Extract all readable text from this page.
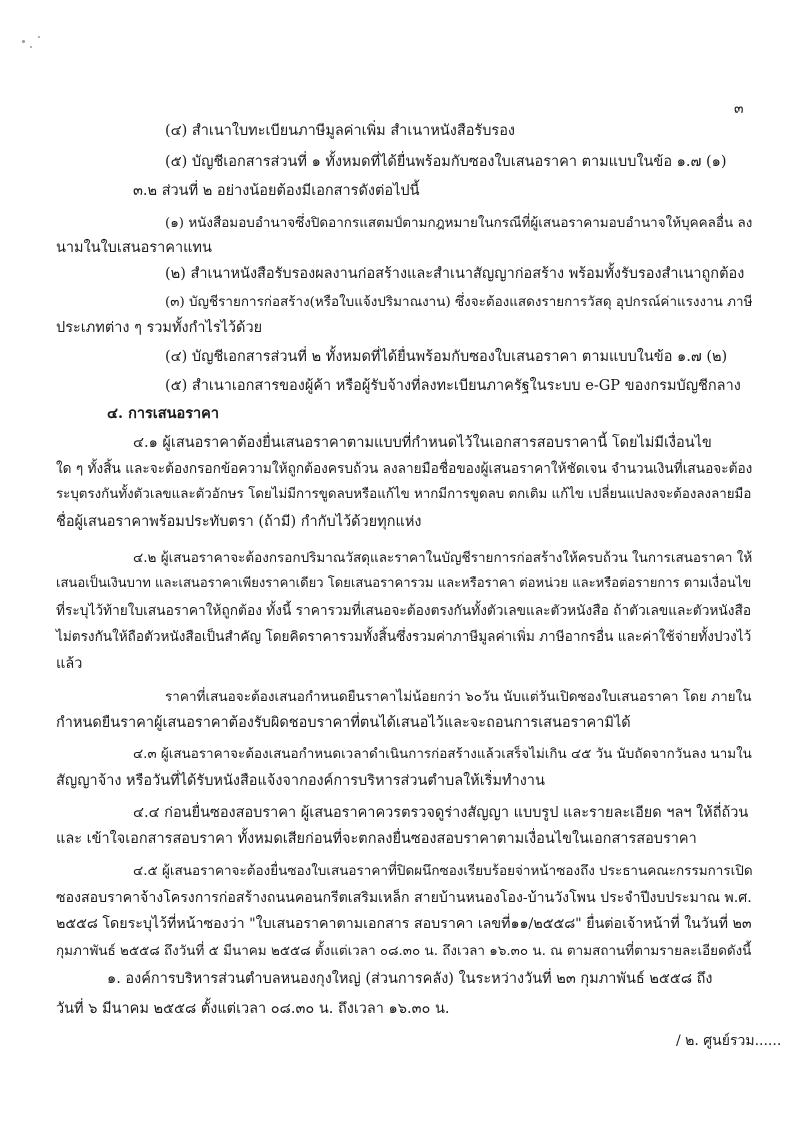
๓
(๔) สำเนาใบทะเบียนภาษีมูลค่าเพิ่ม สำเนาหนังสือรับรอง
(๕) บัญชีเอกสารส่วนที่ ๑ ทั้งหมดที่ได้ยื่นพร้อมกับซองใบเสนอราคา ตามแบบในข้อ ๑.๗ (๑)
๓.๒ ส่วนที่ ๒ อย่างน้อยต้องมีเอกสารดังต่อไปนี้
(๑) หนังสือมอบอำนาจซึ่งปิดอากรแสตมป์ตามกฎหมายในกรณีที่ผู้เสนอราคามอบอำนาจให้บุคคลอื่น ลง
นามในใบเสนอราคาแทน
(๒) สำเนาหนังสือรับรองผลงานก่อสร้างและสำเนาสัญญาก่อสร้าง พร้อมทั้งรับรองสำเนาถูกต้อง
(๓) บัญชีรายการก่อสร้าง(หรือใบแจ้งปริมาณงาน) ซึ่งจะต้องแสดงรายการวัสดุ อุปกรณ์ค่าแรงงาน ภาษี
ประเภทต่าง ๆ รวมทั้งกำไรไว้ด้วย
(๔) บัญชีเอกสารส่วนที่ ๒ ทั้งหมดที่ได้ยื่นพร้อมกับซองใบเสนอราคา ตามแบบในข้อ ๑.๗ (๒)
(๕) สำเนาเอกสารของผู้ค้า หรือผู้รับจ้างที่ลงทะเบียนภาครัฐในระบบ e-GP ของกรมบัญชีกลาง
๔. การเสนอราคา
๔.๑ ผู้เสนอราคาต้องยื่นเสนอราคาตามแบบที่กำหนดไว้ในเอกสารสอบราคานี้ โดยไม่มีเงื่อนไข
ใด ๆ ทั้งสิ้น และจะต้องกรอกข้อความให้ถูกต้องครบถ้วน ลงลายมือชื่อของผู้เสนอราคาให้ชัดเจน จำนวนเงินที่เสนอจะต้อง
ระบุตรงกันทั้งตัวเลขและตัวอักษร โดยไม่มีการขูดลบหรือแก้ไข หากมีการขูดลบ ตกเติม แก้ไข เปลี่ยนแปลงจะต้องลงลายมือ
ชื่อผู้เสนอราคาพร้อมประทับตรา (ถ้ามี) กำกับไว้ด้วยทุกแห่ง
๔.๒ ผู้เสนอราคาจะต้องกรอกปริมาณวัสดุและราคาในบัญชีรายการก่อสร้างให้ครบถ้วน ในการเสนอราคา ให้
เสนอเป็นเงินบาท และเสนอราคาเพียงราคาเดียว โดยเสนอราคารวม และหรือราคา ต่อหน่วย และหรือต่อรายการ ตามเงื่อนไข
ที่ระบุไว้ท้ายใบเสนอราคาให้ถูกต้อง ทั้งนี้ ราคารวมที่เสนอจะต้องตรงกันทั้งตัวเลขและตัวหนังสือ ถ้าตัวเลขและตัวหนังสือ
ไม่ตรงกันให้ถือตัวหนังสือเป็นสำคัญ โดยคิดราคารวมทั้งสิ้นซึ่งรวมค่าภาษีมูลค่าเพิ่ม ภาษีอากรอื่น และค่าใช้จ่ายทั้งปวงไว้
แล้ว
ราคาที่เสนอจะต้องเสนอกำหนดยืนราคาไม่น้อยกว่า ๖๐วัน นับแต่วันเปิดซองใบเสนอราคา โดย ภายใน
กำหนดยืนราคาผู้เสนอราคาต้องรับผิดชอบราคาที่ตนได้เสนอไว้และจะถอนการเสนอราคามิได้
๔.๓ ผู้เสนอราคาจะต้องเสนอกำหนดเวลาดำเนินการก่อสร้างแล้วเสร็จไม่เกิน ๔๕ วัน นับถัดจากวันลง นามใน
สัญญาจ้าง หรือวันที่ได้รับหนังสือแจ้งจากองค์การบริหารส่วนตำบลให้เริ่มทำงาน
๔.๔ ก่อนยื่นซองสอบราคา ผู้เสนอราคาควรตรวจดูร่างสัญญา แบบรูป และรายละเอียด ฯลฯ ให้ถี่ถ้วน
และ เข้าใจเอกสารสอบราคา ทั้งหมดเสียก่อนที่จะตกลงยื่นซองสอบราคาตามเงื่อนไขในเอกสารสอบราคา
๔.๕ ผู้เสนอราคาจะต้องยื่นซองใบเสนอราคาที่ปิดผนึกซองเรียบร้อยจ่าหน้าซองถึง ประธานคณะกรรมการเปิด
ซองสอบราคาจ้างโครงการก่อสร้างถนนคอนกรีตเสริมเหล็ก สายบ้านหนองโอง-บ้านวังโพน ประจำปีงบประมาณ พ.ศ.
๒๕๕๘ โดยระบุไว้ที่หน้าซองว่า "ใบเสนอราคาตามเอกสาร สอบราคา เลขที่๑๑/๒๕๕๘" ยื่นต่อเจ้าหน้าที่ ในวันที่ ๒๓
กุมภาพันธ์ ๒๕๕๘ ถึงวันที่ ๕ มีนาคม ๒๕๕๘ ตั้งแต่เวลา ๐๘.๓๐ น. ถึงเวลา ๑๖.๓๐ น. ณ ตามสถานที่ตามรายละเอียดดังนี้
๑. องค์การบริหารส่วนตำบลหนองกุงใหญ่ (ส่วนการคลัง) ในระหว่างวันที่ ๒๓ กุมภาพันธ์ ๒๕๕๘ ถึง
วันที่ ๖ มีนาคม ๒๕๕๘ ตั้งแต่เวลา ๐๘.๓๐ น. ถึงเวลา ๑๖.๓๐ น.
/ ๒. ศูนย์รวม......
